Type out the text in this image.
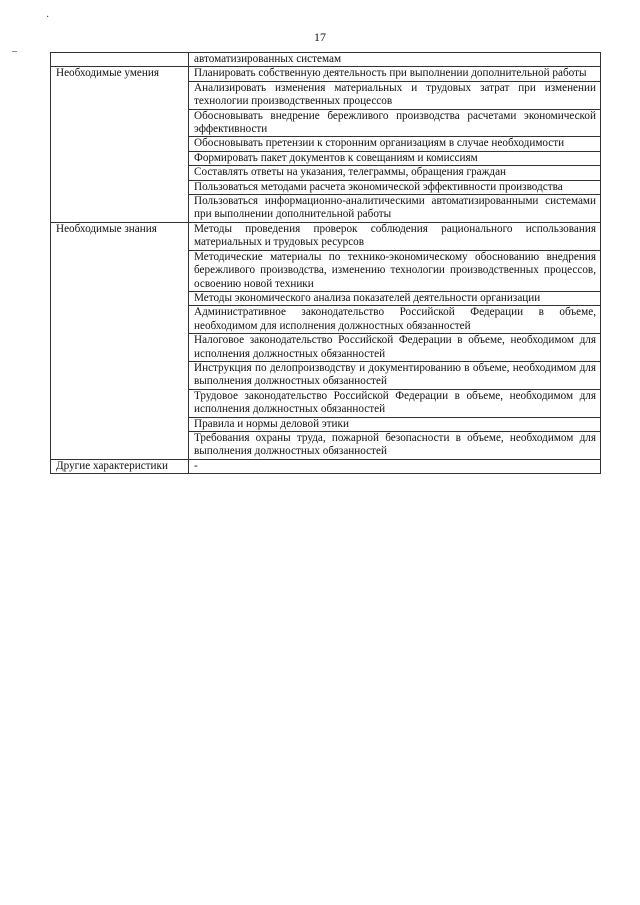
17
·
–
	автоматизированных системам
Необходимые умения	Планировать собственную деятельность при выполнении дополнительной работы
	Анализировать изменения материальных и трудовых затрат при изменении технологии производственных процессов
	Обосновывать внедрение бережливого производства расчетами экономической эффективности
	Обосновывать претензии к сторонним организациям в случае необходимости
	Формировать пакет документов к совещаниям и комиссиям
	Составлять ответы на указания, телеграммы, обращения граждан
	Пользоваться методами расчета экономической эффективности производства
	Пользоваться информационно-аналитическими автоматизированными системами при выполнении дополнительной работы
Необходимые знания	Методы проведения проверок соблюдения рационального использования материальных и трудовых ресурсов
	Методические материалы по технико-экономическому обоснованию внедрения бережливого производства, изменению технологии производственных процессов, освоению новой техники
	Методы экономического анализа показателей деятельности организации
	Административное законодательство Российской Федерации в объеме, необходимом для исполнения должностных обязанностей
	Налоговое законодательство Российской Федерации в объеме, необходимом для исполнения должностных обязанностей
	Инструкция по делопроизводству и документированию в объеме, необходимом для выполнения должностных обязанностей
	Трудовое законодательство Российской Федерации в объеме, необходимом для исполнения должностных обязанностей
	Правила и нормы деловой этики
	Требования охраны труда, пожарной безопасности в объеме, необходимом для выполнения должностных обязанностей
Другие характеристики	-
